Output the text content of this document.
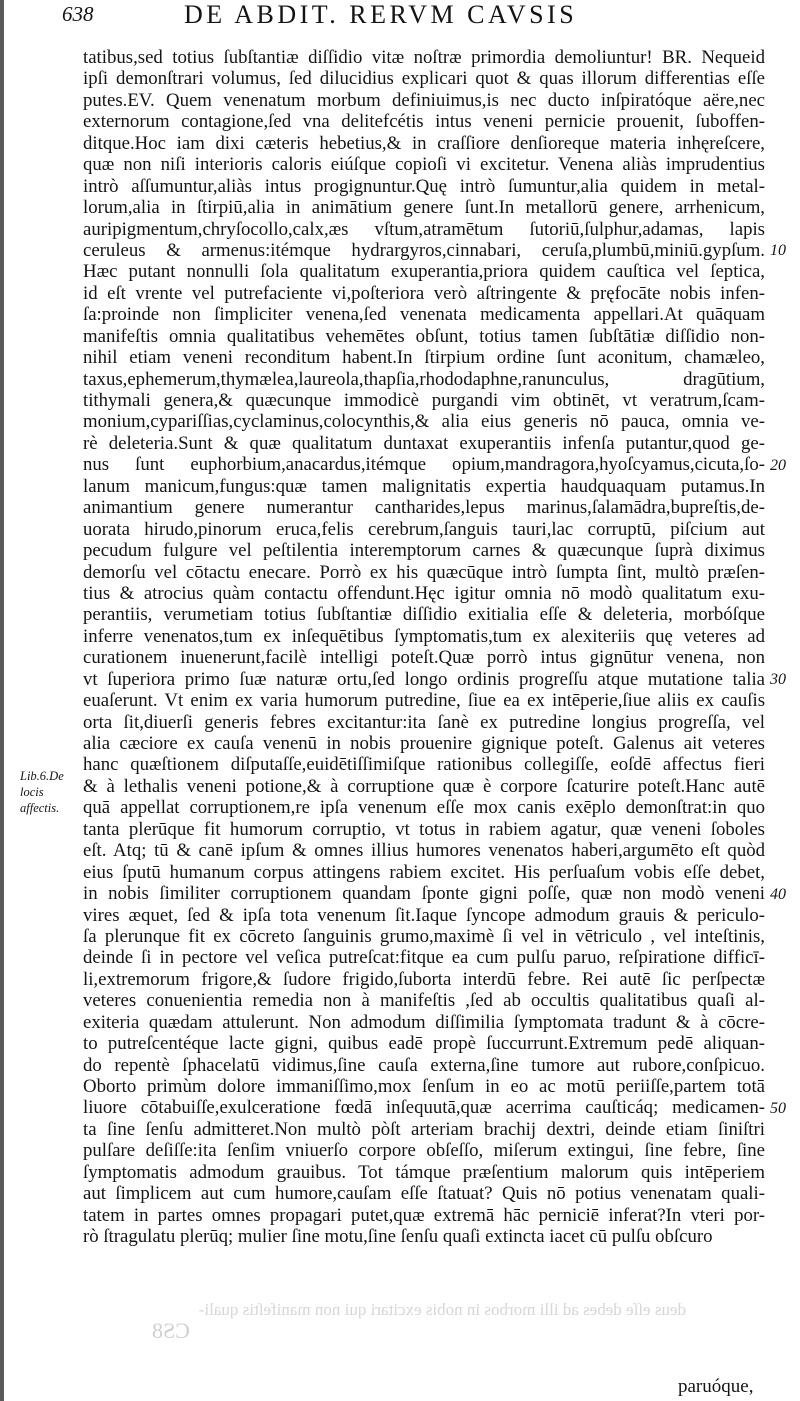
638	DE ABDIT. RERVM CAVSIS
tatibus,sed totius ſubſtantiæ diſſidio vitæ noſtræ primordia demoliuntur! BR. Nequeid
ipſi demonſtrari volumus, ſed dilucidius explicari quot & quas illorum differentias eſſe
putes.EV. Quem venenatum morbum definiuimus,is nec ducto inſpiratóque aëre,nec
externorum contagione,ſed vna delitefcétis intus veneni pernicie prouenit, ſuboffen-
ditque.Hoc iam dixi cæteris hebetius,& in craſſiore denſioreque materia inhęreſcere,
quæ non niſi interioris caloris eiúſque copioſi vi excitetur. Venena aliàs imprudentius
intrò aſſumuntur,aliàs intus progignuntur.Quę intrò ſumuntur,alia quidem in metal-
lorum,alia in ſtirpiū,alia in animātium genere ſunt.In metallorū genere, arrhenicum,
auripigmentum,chryſocollo,calx,æs vſtum,atramētum ſutoriū,ſulphur,adamas, lapis
ceruleus & armenus:itémque hydrargyros,cinnabari, ceruſa,plumbū,miniū.gypſum.
Hæc putant nonnulli ſola qualitatum exuperantia,priora quidem cauſtica vel ſeptica,
id eſt vrente vel putrefaciente vi,poſteriora verò aſtringente & pręfocāte nobis infen-
ſa:proinde non ſimpliciter venena,ſed venenata medicamenta appellari.At quāquam
manifeſtis omnia qualitatibus vehemētes obſunt, totius tamen ſubſtātiæ diſſidio non-
nihil etiam veneni reconditum habent.In ſtirpium ordine ſunt aconitum, chamæleo,
taxus,ephemerum,thymælea,laureola,thapſia,rhododaphne,ranunculus, dragūtium,
tithymali genera,& quæcunque immodicè purgandi vim obtinēt, vt veratrum,ſcam-
monium,cypariſſias,cyclaminus,colocynthis,& alia eius generis nō pauca, omnia ve-
rè deleteria.Sunt & quæ qualitatum duntaxat exuperantiis infenſa putantur,quod ge-
nus ſunt euphorbium,anacardus,itémque opium,mandragora,hyoſcyamus,cicuta,ſo-
lanum manicum,fungus:quæ tamen malignitatis expertia haudquaquam putamus.In
animantium genere numerantur cantharides,lepus marinus,ſalamādra,bupreſtis,de-
uorata hirudo,pinorum eruca,felis cerebrum,ſanguis tauri,lac corruptū, piſcium aut
pecudum fulgure vel peſtilentia interemptorum carnes & quæcunque ſuprà diximus
demorſu vel cōtactu enecare. Porrò ex his quæcūque intrò ſumpta ſint, multò præſen-
tius & atrocius quàm contactu offendunt.Hęc igitur omnia nō modò qualitatum exu-
perantiis, verumetiam totius ſubſtantiæ diſſidio exitialia eſſe & deleteria, morbóſque
inferre venenatos,tum ex inſequētibus ſymptomatis,tum ex alexiteriis quę veteres ad
curationem inuenerunt,facilè intelligi poteſt.Quæ porrò intus gignūtur venena, non
vt ſuperiora primo ſuæ naturæ ortu,ſed longo ordinis progreſſu atque mutatione talia
euaſerunt. Vt enim ex varia humorum putredine, ſiue ea ex intēperie,ſiue aliis ex cauſis
orta ſit,diuerſi generis febres excitantur:ita ſanè ex putredine longius progreſſa, vel
alia cæciore ex cauſa venenū in nobis prouenire gignique poteſt. Galenus ait veteres
hanc quæſtionem diſputaſſe,euidētiſſimiſque rationibus collegiſſe, eoſdē affectus fieri
& à lethalis veneni potione,& à corruptione quæ è corpore ſcaturire poteſt.Hanc autē
quā appellat corruptionem,re ipſa venenum eſſe mox canis exēplo demonſtrat:in quo
tanta plerūque fit humorum corruptio, vt totus in rabiem agatur, quæ veneni ſoboles
eſt. Atq; tū & canē ipſum & omnes illius humores venenatos haberi,argumēto eſt quòd
eius ſputū humanum corpus attingens rabiem excitet. His perſuaſum vobis eſſe debet,
in nobis ſimiliter corruptionem quandam ſponte gigni poſſe, quæ non modò veneni
vires æquet, ſed & ipſa tota venenum ſit.Iaque ſyncope admodum grauis & periculo-
ſa plerunque fit ex cōcreto ſanguinis grumo,maximè ſi vel in vētriculo , vel inteſtinis,
deinde ſi in pectore vel veſica putreſcat:fitque ea cum pulſu paruo, reſpiratione difficī-
li,extremorum frigore,& ſudore frigido,ſuborta interdū febre. Rei autē ſic perſpectæ
veteres conuenientia remedia non à manifeſtis ,ſed ab occultis qualitatibus quaſi al-
exiteria quædam attulerunt. Non admodum diſſimilia ſymptomata tradunt & à cōcre-
to putreſcentéque lacte gigni, quibus eadē propè ſuccurrunt.Extremum pedē aliquan-
do repentè ſphacelatū vidimus,ſine cauſa externa,ſine tumore aut rubore,conſpicuo.
Oborto primùm dolore immaniſſimo,mox ſenſum in eo ac motū periiſſe,partem totā
liuore cōtabuiſſe,exulceratione fœdā inſequutā,quæ acerrima cauſticáq; medicamen-
ta ſine ſenſu admitteret.Non multò pòſt arteriam brachij dextri, deinde etiam ſiniſtri
pulſare deſiſſe:ita ſenſim vniuerſo corpore obſeſſo, miſerum extingui, ſine febre, ſine
ſymptomatis admodum grauibus. Tot támque præſentium malorum quis intēperiem
aut ſimplicem aut cum humore,cauſam eſſe ſtatuat? Quis nō potius venenatam quali-
tatem in partes omnes propagari putet,quæ extremā hāc perniciē inferat?In vteri por-
rò ſtragulatu plerūq; mulier ſine motu,ſine ſenſu quaſi extincta iacet cū pulſu obſcuro
10
20
30
40
50
Lib.6.De locis affectis.
deus eſſe debes ad illi morbos in nobis excitari qui non manifeſtis quali-
CS8
paruóque,
